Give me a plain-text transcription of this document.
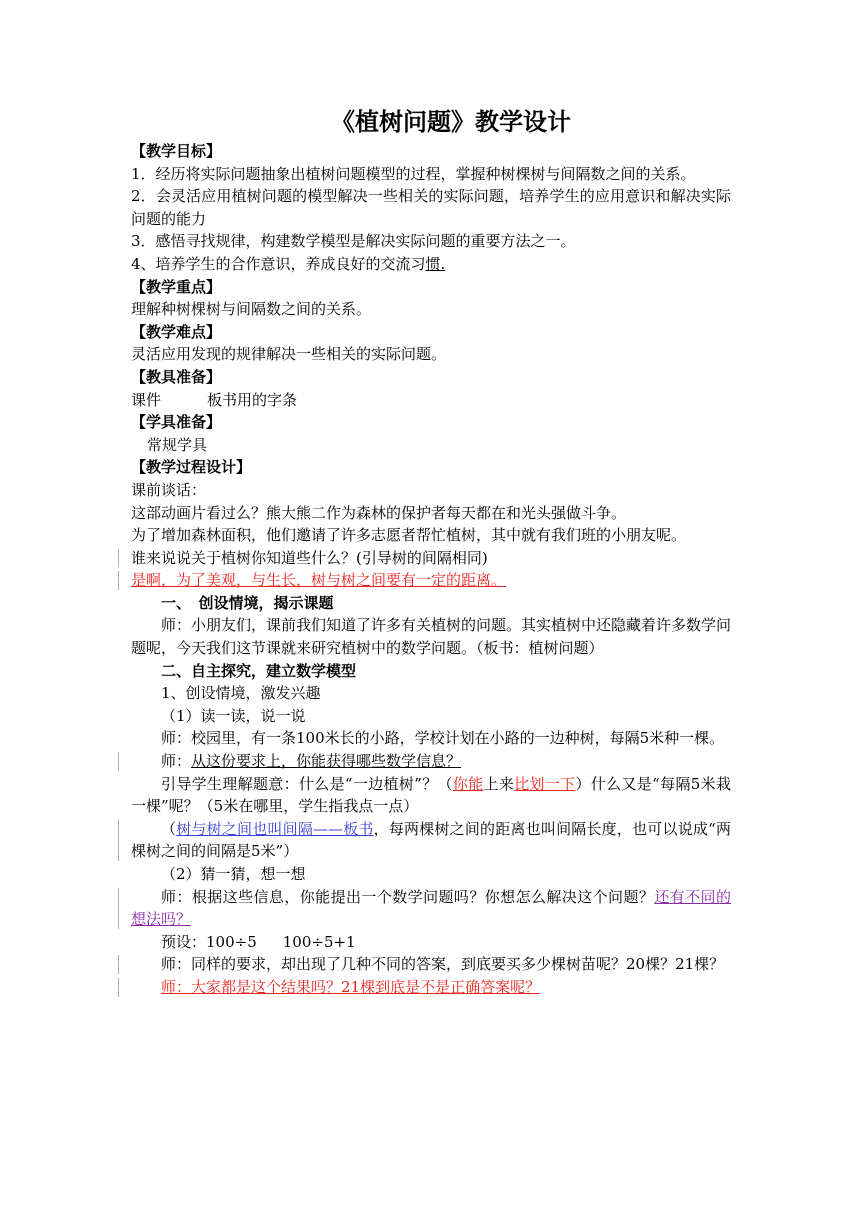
《植树问题》教学设计

【教学目标】

1．经历将实际问题抽象出植树问题模型的过程，掌握种树棵树与间隔数之间的关系。

2．会灵活应用植树问题的模型解决一些相关的实际问题，培养学生的应用意识和解决实际问题的能力

3．感悟寻找规律，构建数学模型是解决实际问题的重要方法之一。

4、培养学生的合作意识，养成良好的交流习惯.

【教学重点】

理解种树棵树与间隔数之间的关系。

【教学难点】

灵活应用发现的规律解决一些相关的实际问题。

【教具准备】

课件	板书用的字条

【学具准备】

常规学具

【教学过程设计】

课前谈话：

这部动画片看过么？熊大熊二作为森林的保护者每天都在和光头强做斗争。

为了增加森林面积，他们邀请了许多志愿者帮忙植树，其中就有我们班的小朋友呢。

谁来说说关于植树你知道些什么？(引导树的间隔相同)

是啊，为了美观，与生长，树与树之间要有一定的距离。

一、　创设情境，揭示课题

师：小朋友们，课前我们知道了许多有关植树的问题。其实植树中还隐藏着许多数学问题呢，今天我们这节课就来研究植树中的数学问题。（板书：植树问题）

二、自主探究，建立数学模型

1、创设情境，激发兴趣

（1）读一读，说一说

师：校园里，有一条100米长的小路，学校计划在小路的一边种树，每隔5米种一棵。

师：从这份要求上，你能获得哪些数学信息？

引导学生理解题意：什么是“一边植树”？（你能上来比划一下）什么又是“每隔5米栽一棵”呢？（5米在哪里，学生指我点一点）

（树与树之间也叫间隔——板书，每两棵树之间的距离也叫间隔长度，也可以说成“两棵树之间的间隔是5米”）

（2）猜一猜，想一想

师：根据这些信息，你能提出一个数学问题吗？你想怎么解决这个问题？还有不同的想法吗？

预设：100÷5 100÷5+1

师：同样的要求，却出现了几种不同的答案，到底要买多少棵树苗呢？20棵？21棵？

师：大家都是这个结果吗？21棵到底是不是正确答案呢？
